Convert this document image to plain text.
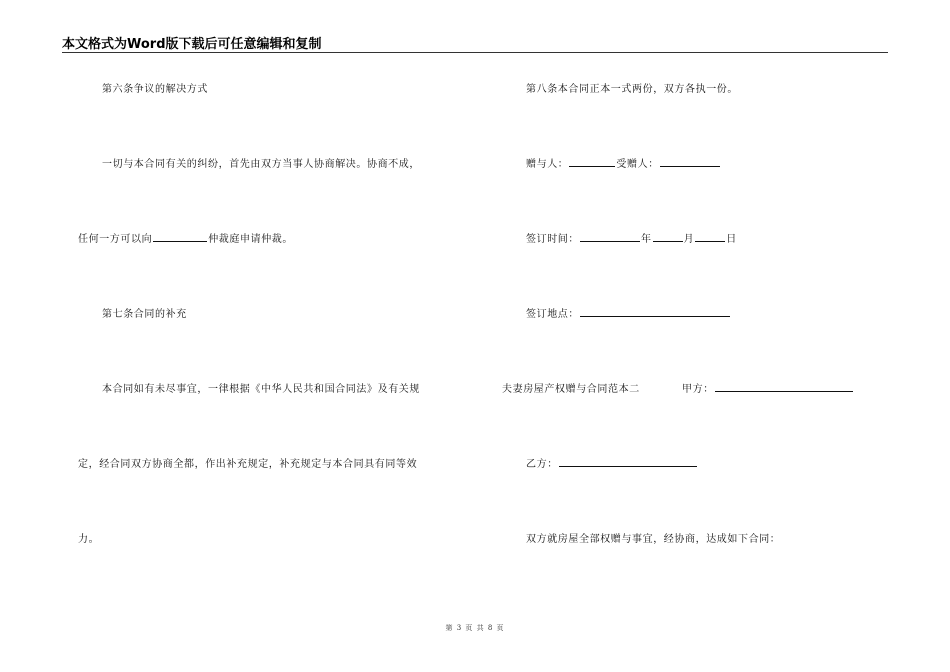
本文格式为Word版下载后可任意编辑和复制
第六条争议的解决方式
一切与本合同有关的纠纷，首先由双方当事人协商解决。协商不成，
任何一方可以向	仲裁庭申请仲裁。
第七条合同的补充
本合同如有未尽事宜，一律根据《中华人民共和国合同法》及有关规
定，经合同双方协商全都，作出补充规定，补充规定与本合同具有同等效
力。
第八条本合同正本一式两份，双方各执一份。
赠与人：	受赠人：
签订时间：	年	月	日
签订地点：
夫妻房屋产权赠与合同范本二	甲方：
乙方：
双方就房屋全部权赠与事宜，经协商，达成如下合同：
第 3 页 共 8 页
